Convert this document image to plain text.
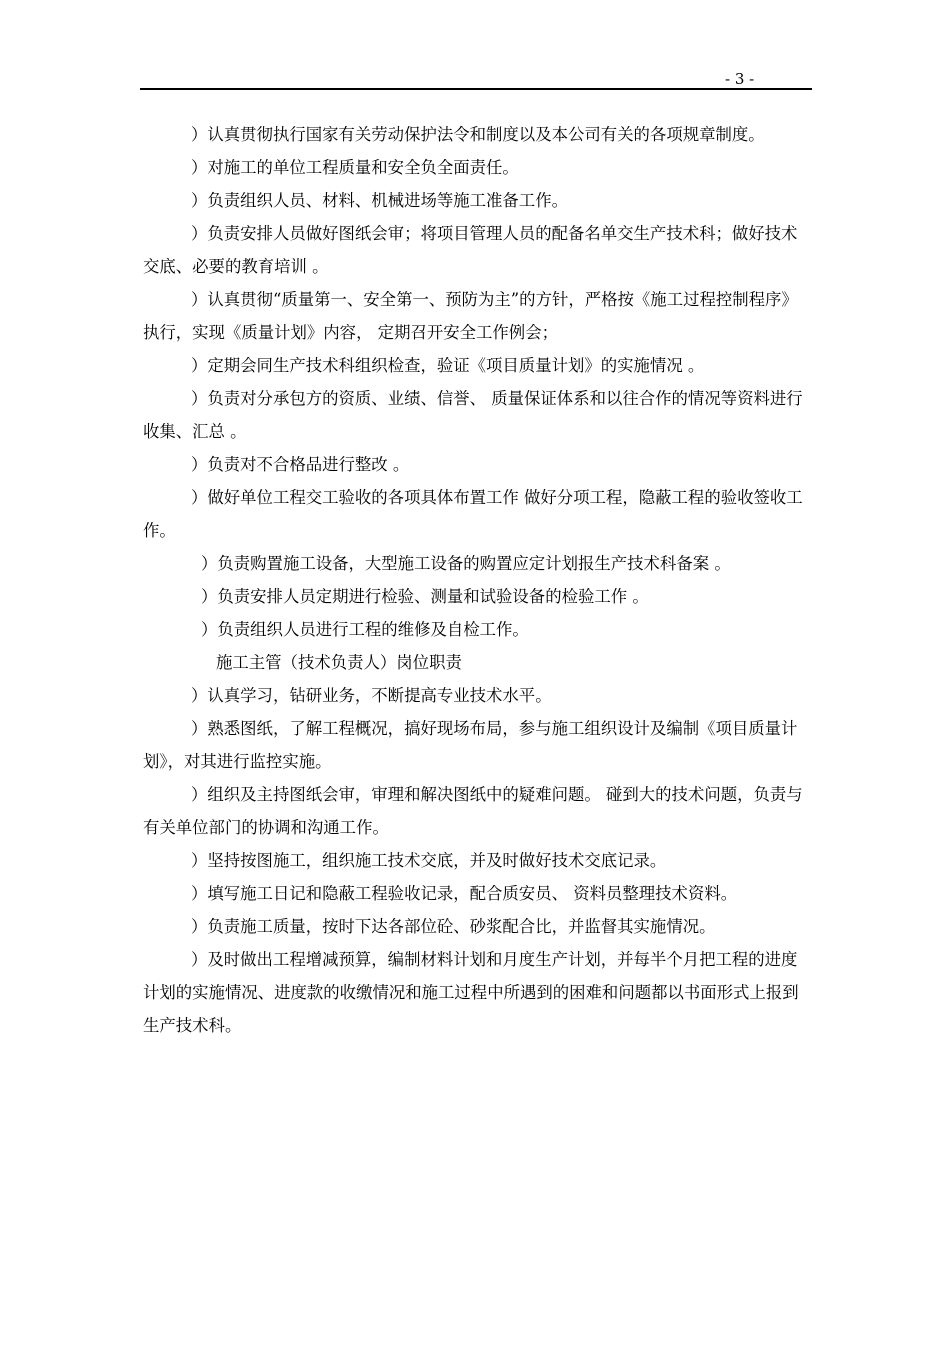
- 3 -

）认真贯彻执行国家有关劳动保护法令和制度以及本公司有关的各项规章制度。

）对施工的单位工程质量和安全负全面责任。

）负责组织人员、材料、机械进场等施工准备工作。

）负责安排人员做好图纸会审；将项目管理人员的配备名单交生产技术科；做好技术交底、必要的教育培训 。

）认真贯彻“质量第一、安全第一、预防为主”的方针，严格按《施工过程控制程序》执行，实现《质量计划》内容， 定期召开安全工作例会；

）定期会同生产技术科组织检查，验证《项目质量计划》的实施情况 。

）负责对分承包方的资质、业绩、信誉、 质量保证体系和以往合作的情况等资料进行收集、汇总 。

）负责对不合格品进行整改 。

）做好单位工程交工验收的各项具体布置工作 做好分项工程，隐蔽工程的验收签收工作。

）负责购置施工设备，大型施工设备的购置应定计划报生产技术科备案 。

）负责安排人员定期进行检验、测量和试验设备的检验工作 。

）负责组织人员进行工程的维修及自检工作。

施工主管（技术负责人）岗位职责

）认真学习，钻研业务，不断提高专业技术水平。

）熟悉图纸，了解工程概况，搞好现场布局，参与施工组织设计及编制《项目质量计划》，对其进行监控实施。

）组织及主持图纸会审，审理和解决图纸中的疑难问题。 碰到大的技术问题，负责与有关单位部门的协调和沟通工作。

）坚持按图施工，组织施工技术交底，并及时做好技术交底记录。

）填写施工日记和隐蔽工程验收记录，配合质安员、 资料员整理技术资料。

）负责施工质量，按时下达各部位砼、砂浆配合比，并监督其实施情况。

）及时做出工程增减预算，编制材料计划和月度生产计划，并每半个月把工程的进度计划的实施情况、进度款的收缴情况和施工过程中所遇到的困难和问题都以书面形式上报到生产技术科。
